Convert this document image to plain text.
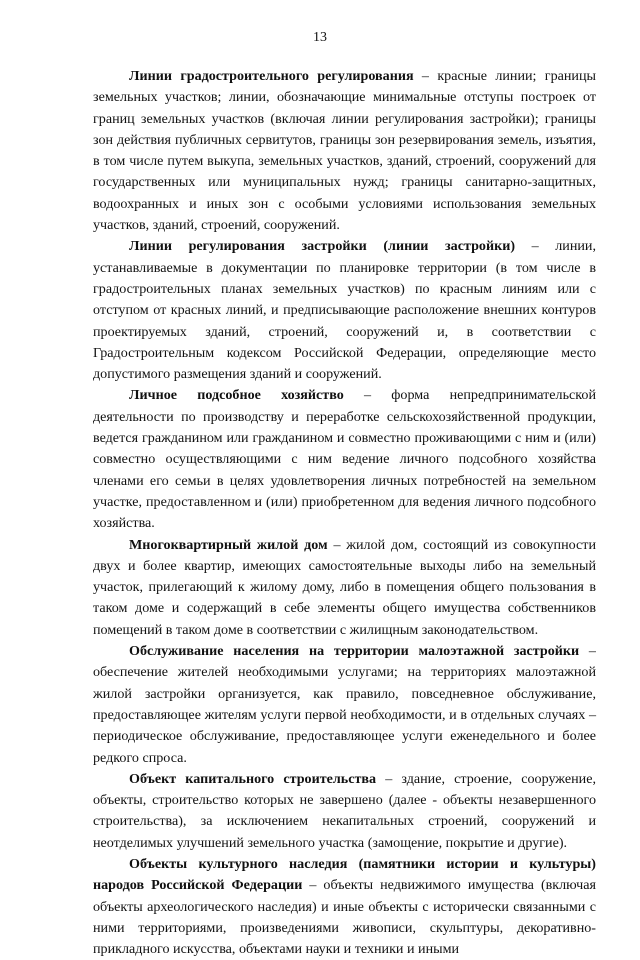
13

Линии градостроительного регулирования – красные линии; границы земельных участков; линии, обозначающие минимальные отступы построек от границ земельных участков (включая линии регулирования застройки); границы зон действия публичных сервитутов, границы зон резервирования земель, изъятия, в том числе путем выкупа, земельных участков, зданий, строений, сооружений для государственных или муниципальных нужд; границы санитарно-защитных, водоохранных и иных зон с особыми условиями использования земельных участков, зданий, строений, сооружений.

Линии регулирования застройки (линии застройки) – линии, устанавливаемые в документации по планировке территории (в том числе в градостроительных планах земельных участков) по красным линиям или с отступом от красных линий, и предписывающие расположение внешних контуров проектируемых зданий, строений, сооружений и, в соответствии с Градостроительным кодексом Российской Федерации, определяющие место допустимого размещения зданий и сооружений.

Личное подсобное хозяйство – форма непредпринимательской деятельности по производству и переработке сельскохозяйственной продукции, ведется гражданином или гражданином и совместно проживающими с ним и (или) совместно осуществляющими с ним ведение личного подсобного хозяйства членами его семьи в целях удовлетворения личных потребностей на земельном участке, предоставленном и (или) приобретенном для ведения личного подсобного хозяйства.

Многоквартирный жилой дом – жилой дом, состоящий из совокупности двух и более квартир, имеющих самостоятельные выходы либо на земельный участок, прилегающий к жилому дому, либо в помещения общего пользования в таком доме и содержащий в себе элементы общего имущества собственников помещений в таком доме в соответствии с жилищным законодательством.

Обслуживание населения на территории малоэтажной застройки – обеспечение жителей необходимыми услугами; на территориях малоэтажной жилой застройки организуется, как правило, повседневное обслуживание, предоставляющее жителям услуги первой необходимости, и в отдельных случаях – периодическое обслуживание, предоставляющее услуги еженедельного и более редкого спроса.

Объект капитального строительства – здание, строение, сооружение, объекты, строительство которых не завершено (далее - объекты незавершенного строительства), за исключением некапитальных строений, сооружений и неотделимых улучшений земельного участка (замощение, покрытие и другие).

Объекты культурного наследия (памятники истории и культуры) народов Российской Федерации – объекты недвижимого имущества (включая объекты археологического наследия) и иные объекты с исторически связанными с ними территориями, произведениями живописи, скульптуры, декоративно-прикладного искусства, объектами науки и техники и иными
